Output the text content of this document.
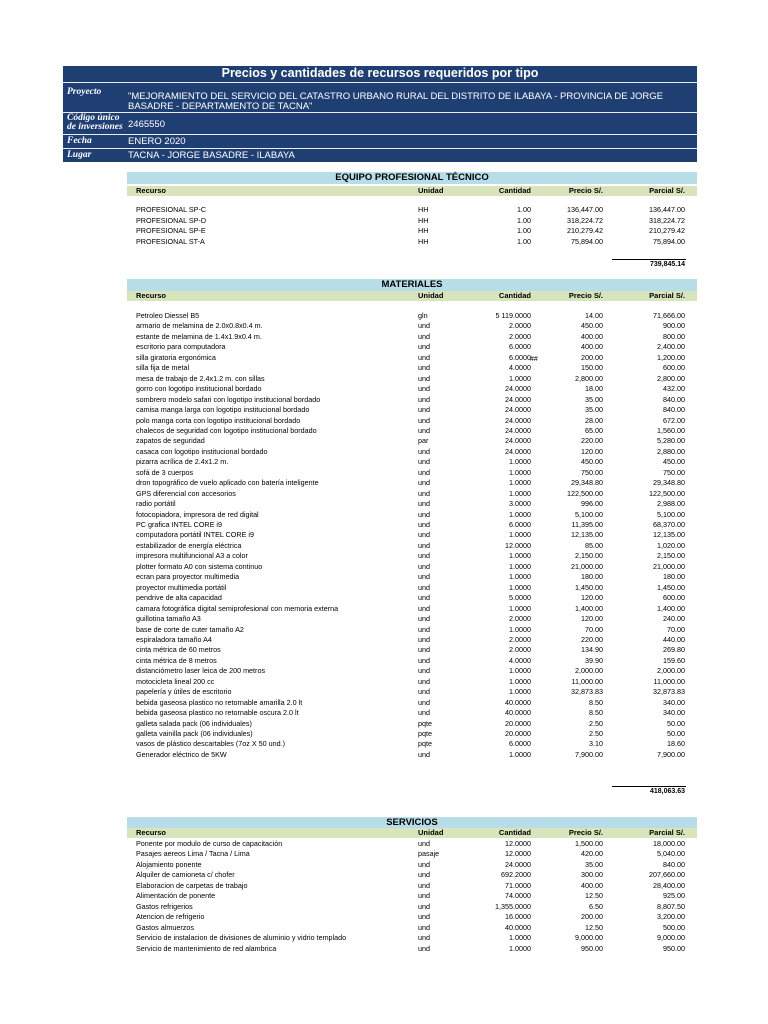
Precios y cantidades de recursos requeridos por tipo
Proyecto	"MEJORAMIENTO DEL SERVICIO DEL CATASTRO URBANO RURAL DEL DISTRITO DE ILABAYA - PROVINCIA DE JORGE
BASADRE - DEPARTAMENTO DE TACNA"
Código único
de inversiones 2465550
Fecha	ENERO 2020
Lugar	TACNA - JORGE BASADRE - ILABAYA
EQUIPO PROFESIONAL TÉCNICO
Recurso	Unidad	Cantidad	Precio S/.	Parcial S/.
PROFESIONAL SP-C	HH	1.00	136,447.00	136,447.00
PROFESIONAL SP-D	HH	1.00	318,224.72	318,224.72
PROFESIONAL SP-E	HH	1.00	210,279.42	210,279.42
PROFESIONAL ST-A	HH	1.00	75,894.00	75,894.00
739,845.14
MATERIALES
Recurso	Unidad	Cantidad	Precio S/.	Parcial S/.
Petroleo Diessel B5	gln	5 119.0000	14.00	71,666.00
armario de melamina de 2.0x0.8x0.4 m.	und	2.0000	450.00	900.00
estante de melamina de 1.4x1.9x0.4 m.	und	2.0000	400.00	800.00
escritorio para computadora	und	6.0000	400.00	2,400.00
silla giratoria ergonómica	und	6.0000	200.00	1,200.00
silla fija de metal	und	4.0000	150.00	600.00
mesa de trabajo de 2.4x1.2 m. con sillas	und	1.0000	2,800.00	2,800.00
gorro con logotipo institucional bordado	und	24.0000	18.00	432.00
sombrero modelo safari con logotipo institucional bordado	und	24.0000	35.00	840.00
camisa manga larga con logotipo institucional bordado	und	24.0000	35.00	840.00
polo manga corta con logotipo institucional bordado	und	24.0000	28.00	672.00
chalecos de seguridad con logotipo institucional bordado	und	24.0000	65.00	1,560.00
zapatos de seguridad	par	24.0000	220.00	5,280.00
casaca con logotipo institucional bordado	und	24.0000	120.00	2,880.00
pizarra acrílica de 2.4x1.2 m.	und	1.0000	450.00	450.00
sofá de 3 cuerpos	und	1.0000	750.00	750.00
dron topográfico de vuelo aplicado con batería inteligente	und	1.0000	29,348.80	29,348.80
GPS diferencial con accesorios	und	1.0000	122,500.00	122,500.00
radio portátil	und	3.0000	996.00	2,988.00
fotocopiadora, impresora de red digital	und	1.0000	5,100.00	5,100.00
PC grafica INTEL CORE i9	und	6.0000	11,395.00	68,370.00
computadora portátil INTEL CORE i9	und	1.0000	12,135.00	12,135.00
estabilizador de energía eléctrica	und	12.0000	85.00	1,020.00
impresora multifuncional A3 a color	und	1.0000	2,150.00	2,150.00
plotter formato A0 con sistema continuo	und	1.0000	21,000.00	21,000.00
ecran para proyector multimedia	und	1.0000	180.00	180.00
proyector multimedia portátil	und	1.0000	1,450.00	1,450.00
pendrive de alta capacidad	und	5.0000	120.00	600.00
camara fotográfica digital semiprofesional con memoria externa	und	1.0000	1,400.00	1,400.00
guillotina tamaño A3	und	2.0000	120.00	240.00
base de corte de cuter tamaño A2	und	1.0000	70.00	70.00
espiraladora tamaño A4	und	2.0000	220.00	440.00
cinta métrica de 60 metros	und	2.0000	134.90	269.80
cinta métrica de 8 metros	und	4.0000	39.90	159.60
distanciómetro laser leica de 200 metros	und	1.0000	2,000.00	2,000.00
motocicleta lineal 200 cc	und	1.0000	11,000.00	11,000.00
papelería y útiles de escritorio	und	1.0000	32,873.83	32,873.83
bebida gaseosa plastico no retornable amarilla 2.0 lt	und	40.0000	8.50	340.00
bebida gaseosa plastico no retornable oscura 2.0 lt	und	40.0000	8.50	340.00
galleta salada pack (06 individuales)	pqte	20.0000	2.50	50.00
galleta vainilla pack (06 individuales)	pqte	20.0000	2.50	50.00
vasos de plástico descartables (7oz X 50 und.)	pqte	6.0000	3.10	18.60
Generador eléctrico de 5KW	und	1.0000	7,900.00	7,900.00
##
418,063.63
SERVICIOS
Recurso	Unidad	Cantidad	Precio S/.	Parcial S/.
Ponente por modulo de curso de capacitación	und	12.0000	1,500.00	18,000.00
Pasajes aereos Lima / Tacna / Lima	pasaje	12.0000	420.00	5,040.00
Alojamiento ponente	und	24.0000	35.00	840.00
Alquiler de camioneta c/ chofer	und	692.2000	300.00	207,660.00
Elaboracion de carpetas de trabajo	und	71.0000	400.00	28,400.00
Alimentación de ponente	und	74.0000	12.50	925.00
Gastos refrigerios	und	1,355.0000	6.50	8,807.50
Atencion de refrigerio	und	16.0000	200.00	3,200.00
Gastos almuerzos	und	40.0000	12.50	500.00
Servicio de instalacion de divisiones de aluminio y vidrio templado	und	1.0000	9,000.00	9,000.00
Servicio de mantenimiento de red alambrica	und	1.0000	950.00	950.00
